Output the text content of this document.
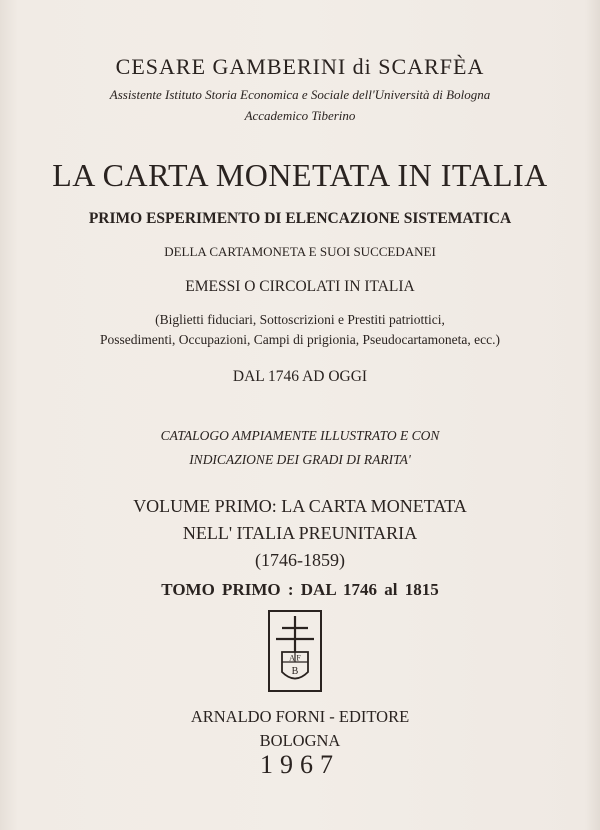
CESARE GAMBERINI di SCARFÈA
Assistente Istituto Storia Economica e Sociale dell'Università di Bologna
Accademico Tiberino
LA CARTA MONETATA IN ITALIA
PRIMO ESPERIMENTO DI ELENCAZIONE SISTEMATICA
DELLA CARTAMONETA E SUOI SUCCEDANEI
EMESSI O CIRCOLATI IN ITALIA
(Biglietti fiduciari, Sottoscrizioni e Prestiti patriottici,
Possedimenti, Occupazioni, Campi di prigionia, Pseudocartamoneta, ecc.)
DAL 1746 AD OGGI
CATALOGO AMPIAMENTE ILLUSTRATO E CON
INDICAZIONE DEI GRADI DI RARITA'
VOLUME PRIMO: LA CARTA MONETATA
NELL' ITALIA PREUNITARIA
(1746-1859)
TOMO PRIMO : DAL 1746 al 1815
A F
B
ARNALDO FORNI - EDITORE
BOLOGNA
1967
